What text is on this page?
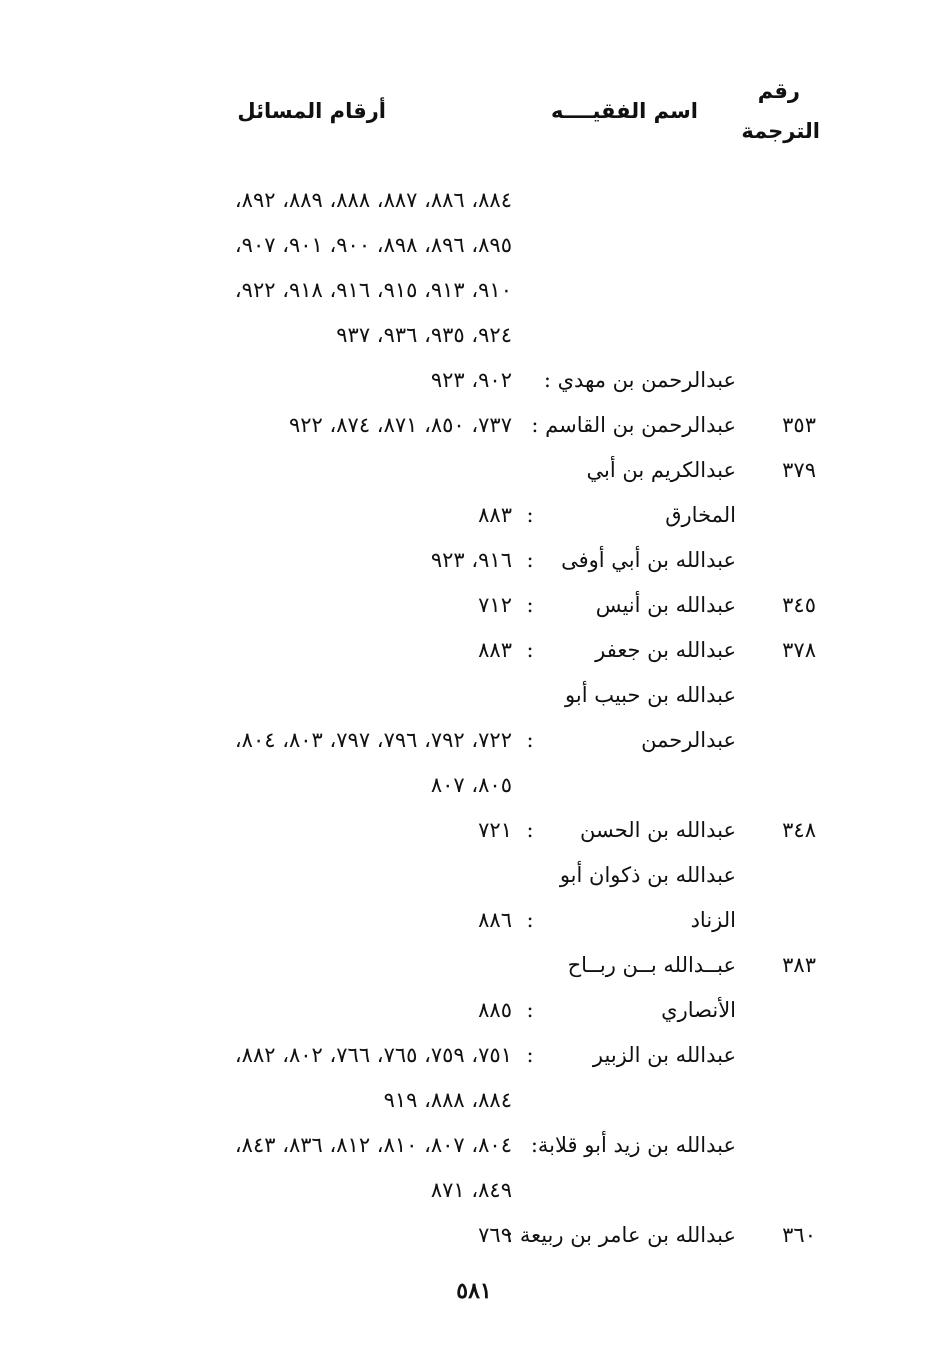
رقم
الترجمة
اسم الفقيــــه
أرقام المسائل
٨٨٤، ٨٨٦، ٨٨٧، ٨٨٨، ٨٨٩، ٨٩٢،
٨٩٥، ٨٩٦، ٨٩٨، ٩٠٠، ٩٠١، ٩٠٧،
٩١٠، ٩١٣، ٩١٥، ٩١٦، ٩١٨، ٩٢٢،
٩٢٤، ٩٣٥، ٩٣٦، ٩٣٧
عبدالرحمن بن مهدي :
٩٠٢، ٩٢٣
٣٥٣
عبدالرحمن بن القاسم :
٧٣٧، ٨٥٠، ٨٧١، ٨٧٤، ٩٢٢
٣٧٩
عبدالكريم بن أبي
المخارق
:
٨٨٣
عبدالله بن أبي أوفى
:
٩١٦، ٩٢٣
٣٤٥
عبدالله بن أنيس
:
٧١٢
٣٧٨
عبدالله بن جعفر
:
٨٨٣
عبدالله بن حبيب أبو
عبدالرحمن
:
٧٢٢، ٧٩٢، ٧٩٦، ٧٩٧، ٨٠٣، ٨٠٤،
٨٠٥، ٨٠٧
٣٤٨
عبدالله بن الحسن
:
٧٢١
عبدالله بن ذكوان أبو
الزناد
:
٨٨٦
٣٨٣
عبــدالله بــن ربــاح
الأنصاري
:
٨٨٥
عبدالله بن الزبير
:
٧٥١، ٧٥٩، ٧٦٥، ٧٦٦، ٨٠٢، ٨٨٢،
٨٨٤، ٨٨٨، ٩١٩
عبدالله بن زيد أبو قلابة:
٨٠٤، ٨٠٧، ٨١٠، ٨١٢، ٨٣٦، ٨٤٣،
٨٤٩، ٨٧١
٣٦٠
عبدالله بن عامر بن ربيعة :
٧٦٩
٥٨١
